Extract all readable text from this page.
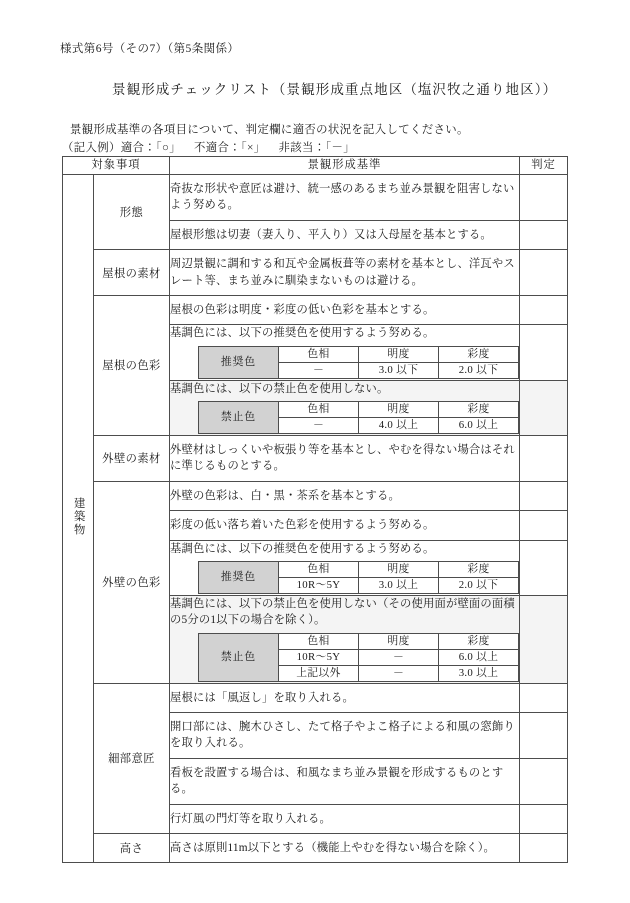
様式第6号（その7）（第5条関係）
景観形成チェックリスト（景観形成重点地区（塩沢牧之通り地区））
景観形成基準の各項目について、判定欄に適否の状況を記入してください。
（記入例）適合：「○」 不適合：「×」 非該当：「－」
対象事項	景観形成基準	判定
建築物	形態	奇抜な形状や意匠は避け、統一感のあるまち並み景観を阻害しないよう努める。	
屋根形態は切妻（妻入り、平入り）又は入母屋を基本とする。	
屋根の素材	周辺景観に調和する和瓦や金属板葺等の素材を基本とし、洋瓦やスレート等、まち並みに馴染まないものは避ける。	
屋根の色彩	屋根の色彩は明度・彩度の低い色彩を基本とする。	

基調色には、以下の推奨色を使用するよう努める。
推奨色	色相	明度	彩度
－	3.0 以下	2.0 以下

基調色には、以下の禁止色を使用しない。
禁止色	色相	明度	彩度
－	4.0 以上	6.0 以上

外壁の素材	外壁材はしっくいや板張り等を基本とし、やむを得ない場合はそれに準じるものとする。	
外壁の色彩	外壁の色彩は、白・黒・茶系を基本とする。	
彩度の低い落ち着いた色彩を使用するよう努める。	

基調色には、以下の推奨色を使用するよう努める。
推奨色	色相	明度	彩度
10R～5Y	3.0 以上	2.0 以下

基調色には、以下の禁止色を使用しない（その使用面が壁面の面積の5分の1以下の場合を除く）。
禁止色	色相	明度	彩度
10R～5Y	－	6.0 以上
上記以外	－	3.0 以上

細部意匠	屋根には「風返し」を取り入れる。	
開口部には、腕木ひさし、たて格子やよこ格子による和風の窓飾りを取り入れる。	
看板を設置する場合は、和風なまち並み景観を形成するものとする。	
行灯風の門灯等を取り入れる。	
高さ	高さは原則11m以下とする（機能上やむを得ない場合を除く）。	
